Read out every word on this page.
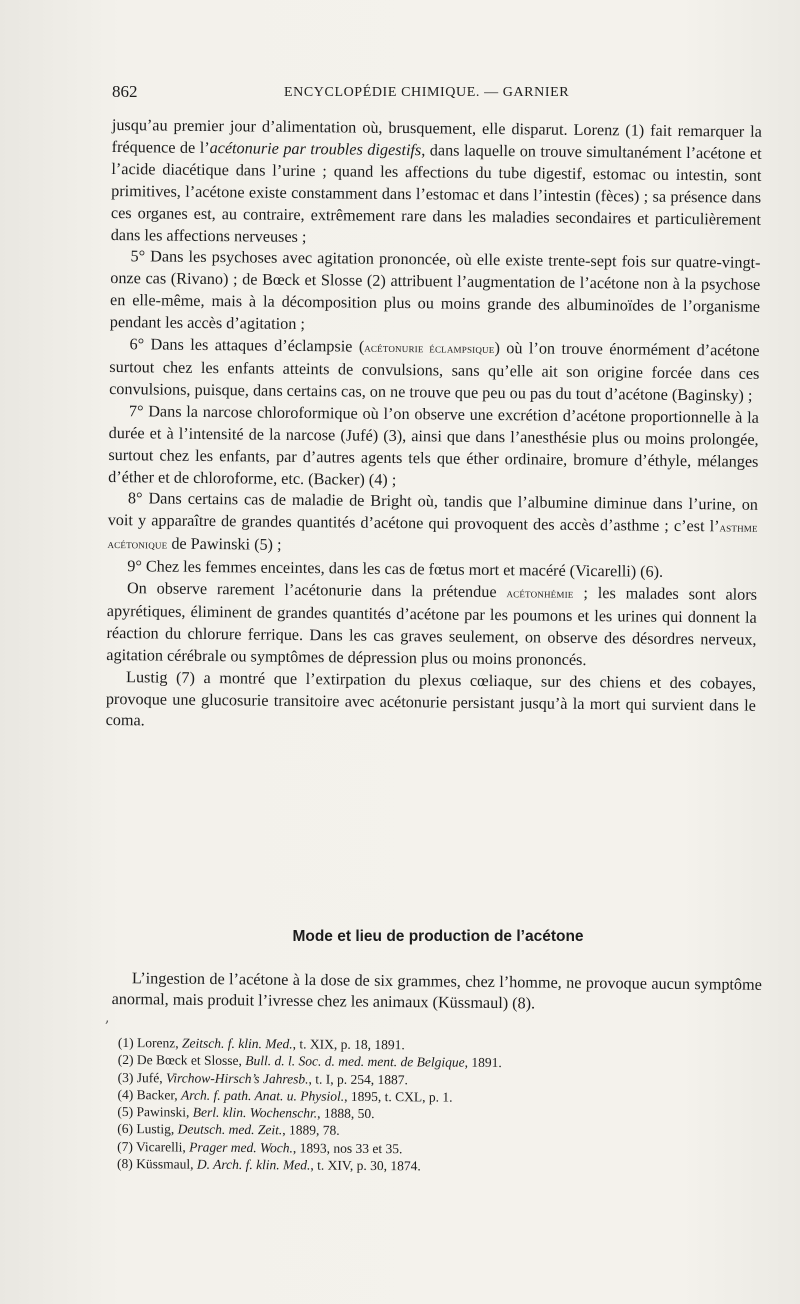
862	ENCYCLOPÉDIE CHIMIQUE. — GARNIER

jusqu’au premier jour d’alimentation où, brusquement, elle disparut. Lorenz (1) fait remarquer la fréquence de l’acétonurie par troubles digestifs, dans laquelle on trouve simultanément l’acétone et l’acide diacétique dans l’urine ; quand les affections du tube digestif, estomac ou intestin, sont primitives, l’acétone existe constamment dans l’estomac et dans l’intestin (fèces) ; sa présence dans ces organes est, au contraire, extrêmement rare dans les maladies secondaires et particulièrement dans les affections nerveuses ;

5° Dans les psychoses avec agitation prononcée, où elle existe trente-sept fois sur quatre-vingt-onze cas (Rivano) ; de Bœck et Slosse (2) attribuent l’augmentation de l’acétone non à la psychose en elle-même, mais à la décomposition plus ou moins grande des albuminoïdes de l’organisme pendant les accès d’agitation ;

6° Dans les attaques d’éclampsie (acétonurie éclampsique) où l’on trouve énormément d’acétone surtout chez les enfants atteints de convulsions, sans qu’elle ait son origine forcée dans ces convulsions, puisque, dans certains cas, on ne trouve que peu ou pas du tout d’acétone (Baginsky) ;

7° Dans la narcose chloroformique où l’on observe une excrétion d’acétone proportionnelle à la durée et à l’intensité de la narcose (Jufé) (3), ainsi que dans l’anesthésie plus ou moins prolongée, surtout chez les enfants, par d’autres agents tels que éther ordinaire, bromure d’éthyle, mélanges d’éther et de chloroforme, etc. (Backer) (4) ;

8° Dans certains cas de maladie de Bright où, tandis que l’albumine diminue dans l’urine, on voit y apparaître de grandes quantités d’acétone qui provoquent des accès d’asthme ; c’est l’asthme acétonique de Pawinski (5) ;

9° Chez les femmes enceintes, dans les cas de fœtus mort et macéré (Vicarelli) (6).

On observe rarement l’acétonurie dans la prétendue acétonhémie ; les malades sont alors apyrétiques, éliminent de grandes quantités d’acétone par les poumons et les urines qui donnent la réaction du chlorure ferrique. Dans les cas graves seulement, on observe des désordres nerveux, agitation cérébrale ou symptômes de dépression plus ou moins prononcés.

Lustig (7) a montré que l’extirpation du plexus cœliaque, sur des chiens et des cobayes, provoque une glucosurie transitoire avec acétonurie persistant jusqu’à la mort qui survient dans le coma.

Mode et lieu de production de l’acétone

L’ingestion de l’acétone à la dose de six grammes, chez l’homme, ne provoque aucun symptôme anormal, mais produit l’ivresse chez les animaux (Küssmaul) (8).

,
(1) Lorenz, Zeitsch. f. klin. Med., t. XIX, p. 18, 1891.
(2) De Bœck et Slosse, Bull. d. l. Soc. d. med. ment. de Belgique, 1891.
(3) Jufé, Virchow-Hirsch’s Jahresb., t. I, p. 254, 1887.
(4) Backer, Arch. f. path. Anat. u. Physiol., 1895, t. CXL, p. 1.
(5) Pawinski, Berl. klin. Wochenschr., 1888, 50.
(6) Lustig, Deutsch. med. Zeit., 1889, 78.
(7) Vicarelli, Prager med. Woch., 1893, nos 33 et 35.
(8) Küssmaul, D. Arch. f. klin. Med., t. XIV, p. 30, 1874.
